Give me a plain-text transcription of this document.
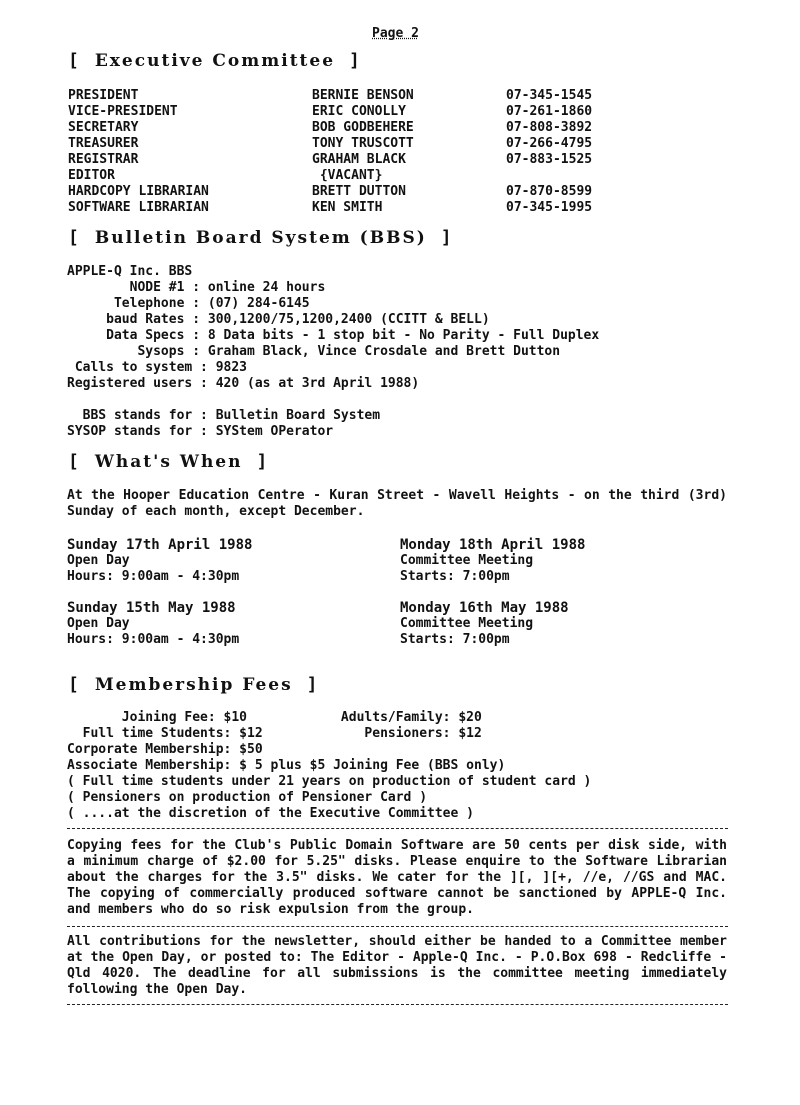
Page 2
[ Executive Committee ]
PRESIDENT	BERNIE BENSON	07-345-1545
VICE-PRESIDENT	ERIC CONOLLY	07-261-1860
SECRETARY	BOB GODBEHERE	07-808-3892
TREASURER	TONY TRUSCOTT	07-266-4795
REGISTRAR	GRAHAM BLACK	07-883-1525
EDITOR	{VACANT}
HARDCOPY LIBRARIAN	BRETT DUTTON	07-870-8599
SOFTWARE LIBRARIAN	KEN SMITH	07-345-1995
[ Bulletin Board System (BBS) ]
APPLE-Q Inc. BBS
NODE #1 : online 24 hours
Telephone : (07) 284-6145
baud Rates : 300,1200/75,1200,2400 (CCITT & BELL)
Data Specs : 8 Data bits - 1 stop bit - No Parity - Full Duplex
Sysops : Graham Black, Vince Crosdale and Brett Dutton
Calls to system : 9823
Registered users : 420 (as at 3rd April 1988)
BBS stands for : Bulletin Board System
SYSOP stands for : SYStem OPerator
[ What's When ]
At the Hooper Education Centre - Kuran Street - Wavell Heights - on the third (3rd) Sunday of each month, except December.
Sunday 17th April 1988
Open Day
Hours: 9:00am - 4:30pm
Monday 18th April 1988
Committee Meeting
Starts: 7:00pm
Sunday 15th May 1988
Open Day
Hours: 9:00am - 4:30pm
Monday 16th May 1988
Committee Meeting
Starts: 7:00pm
[ Membership Fees ]
Joining Fee: $10            Adults/Family: $20
Full time Students: $12             Pensioners: $12
Corporate Membership: $50
Associate Membership: $ 5 plus $5 Joining Fee (BBS only)
( Full time students under 21 years on production of student card )
( Pensioners on production of Pensioner Card )
( ....at the discretion of the Executive Committee )
Copying fees for the Club's Public Domain Software are 50 cents per disk side, with a minimum charge of $2.00 for 5.25" disks. Please enquire to the Software Librarian about the charges for the 3.5" disks. We cater for the ][, ][+, //e, //GS and MAC. The copying of commercially produced software cannot be sanctioned by APPLE-Q Inc. and members who do so risk expulsion from the group.
All contributions for the newsletter, should either be handed to a Committee member at the Open Day, or posted to: The Editor - Apple-Q Inc. - P.O.Box 698 - Redcliffe - Qld 4020. The deadline for all submissions is the committee meeting immediately following the Open Day.
